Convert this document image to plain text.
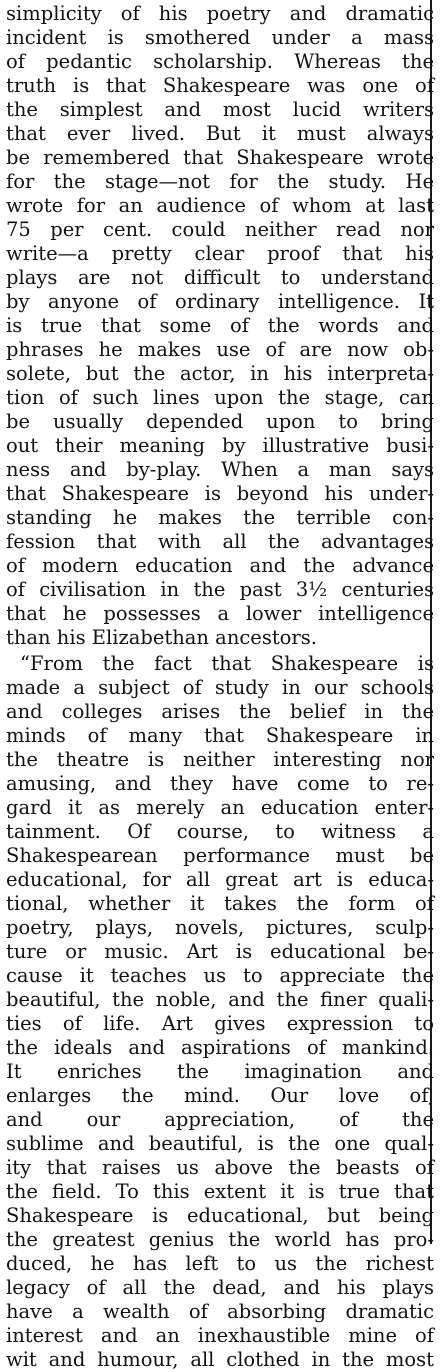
simplicity of his poetry and dramatic
incident is smothered under a mass
of pedantic scholarship. Whereas the
truth is that Shakespeare was one of
the simplest and most lucid writers
that ever lived. But it must always
be remembered that Shakespeare wrote
for the stage—not for the study. He
wrote for an audience of whom at last
75 per cent. could neither read nor
write—a pretty clear proof that his
plays are not difficult to understand
by anyone of ordinary intelligence. It
is true that some of the words and
phrases he makes use of are now ob-
solete, but the actor, in his interpreta-
tion of such lines upon the stage, can
be usually depended upon to bring
out their meaning by illustrative busi-
ness and by-play. When a man says
that Shakespeare is beyond his under-
standing he makes the terrible con-
fession that with all the advantages
of modern education and the advance
of civilisation in the past 3½ centuries
that he possesses a lower intelligence
than his Elizabethan ancestors.
“From the fact that Shakespeare is
made a subject of study in our schools
and colleges arises the belief in the
minds of many that Shakespeare in
the theatre is neither interesting nor
amusing, and they have come to re-
gard it as merely an education enter-
tainment. Of course, to witness a
Shakespearean performance must be
educational, for all great art is educa-
tional, whether it takes the form of
poetry, plays, novels, pictures, sculp-
ture or music. Art is educational be-
cause it teaches us to appreciate the
beautiful, the noble, and the finer quali-
ties of life. Art gives expression to
the ideals and aspirations of mankind.
It enriches the imagination and
enlarges the mind. Our love of,
and our appreciation, of the
sublime and beautiful, is the one qual-
ity that raises us above the beasts of
the field. To this extent it is true that
Shakespeare is educational, but being
the greatest genius the world has pro-
duced, he has left to us the richest
legacy of all the dead, and his plays
have a wealth of absorbing dramatic
interest and an inexhaustible mine of
wit and humour, all clothed in the most
